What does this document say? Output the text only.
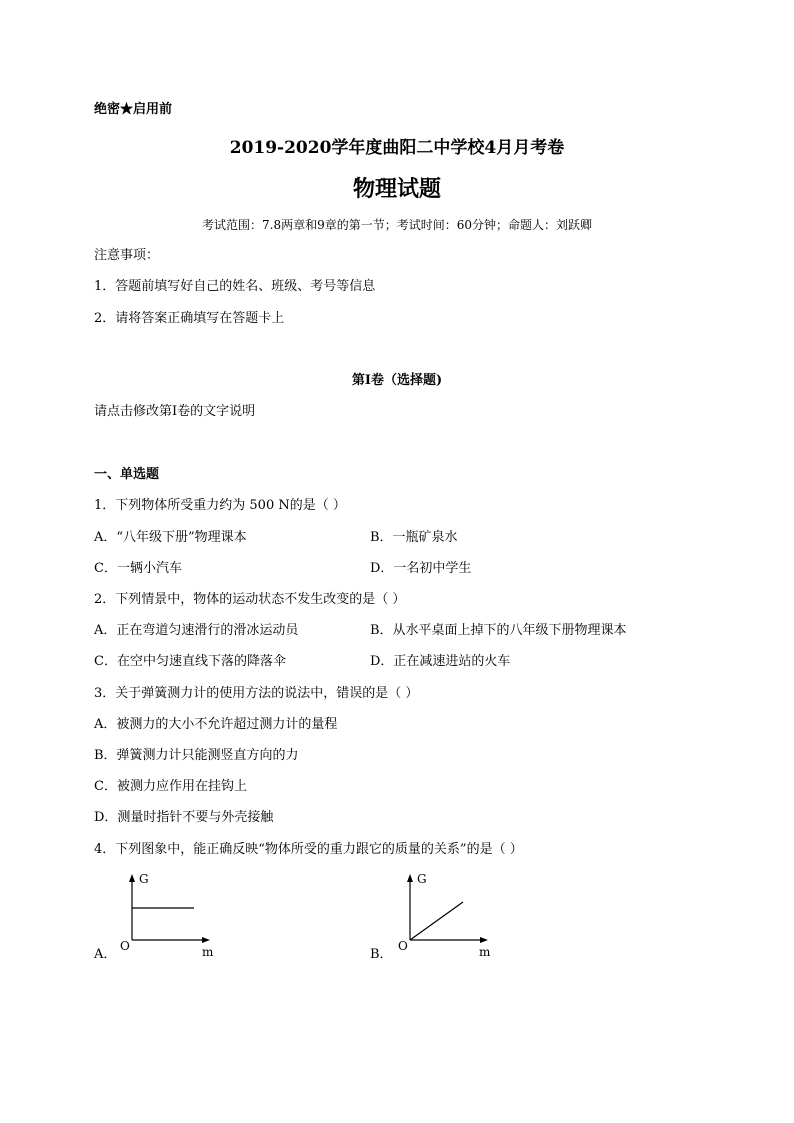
绝密★启用前
2019-2020学年度曲阳二中学校4月月考卷
物理试题
考试范围：7.8两章和9章的第一节；考试时间：60分钟；命题人：刘跃卿
注意事项：
1．答题前填写好自己的姓名、班级、考号等信息
2．请将答案正确填写在答题卡上
第I卷（选择题)
请点击修改第I卷的文字说明
一、单选题
1．下列物体所受重力约为 500 N的是（ ）
A．“八年级下册”物理课本	B．一瓶矿泉水
C．一辆小汽车	D．一名初中学生
2．下列情景中，物体的运动状态不发生改变的是（ ）
A．正在弯道匀速滑行的滑冰运动员	B．从水平桌面上掉下的八年级下册物理课本
C．在空中匀速直线下落的降落伞	D．正在减速进站的火车
3．关于弹簧测力计的使用方法的说法中，错误的是（ ）
A．被测力的大小不允许超过测力计的量程
B．弹簧测力计只能测竖直方向的力
C．被测力应作用在挂钩上
D．测量时指针不要与外壳接触
4．下列图象中，能正确反映“物体所受的重力跟它的质量的关系”的是（ ）
A．
G
O	m	B．
G
O	m
